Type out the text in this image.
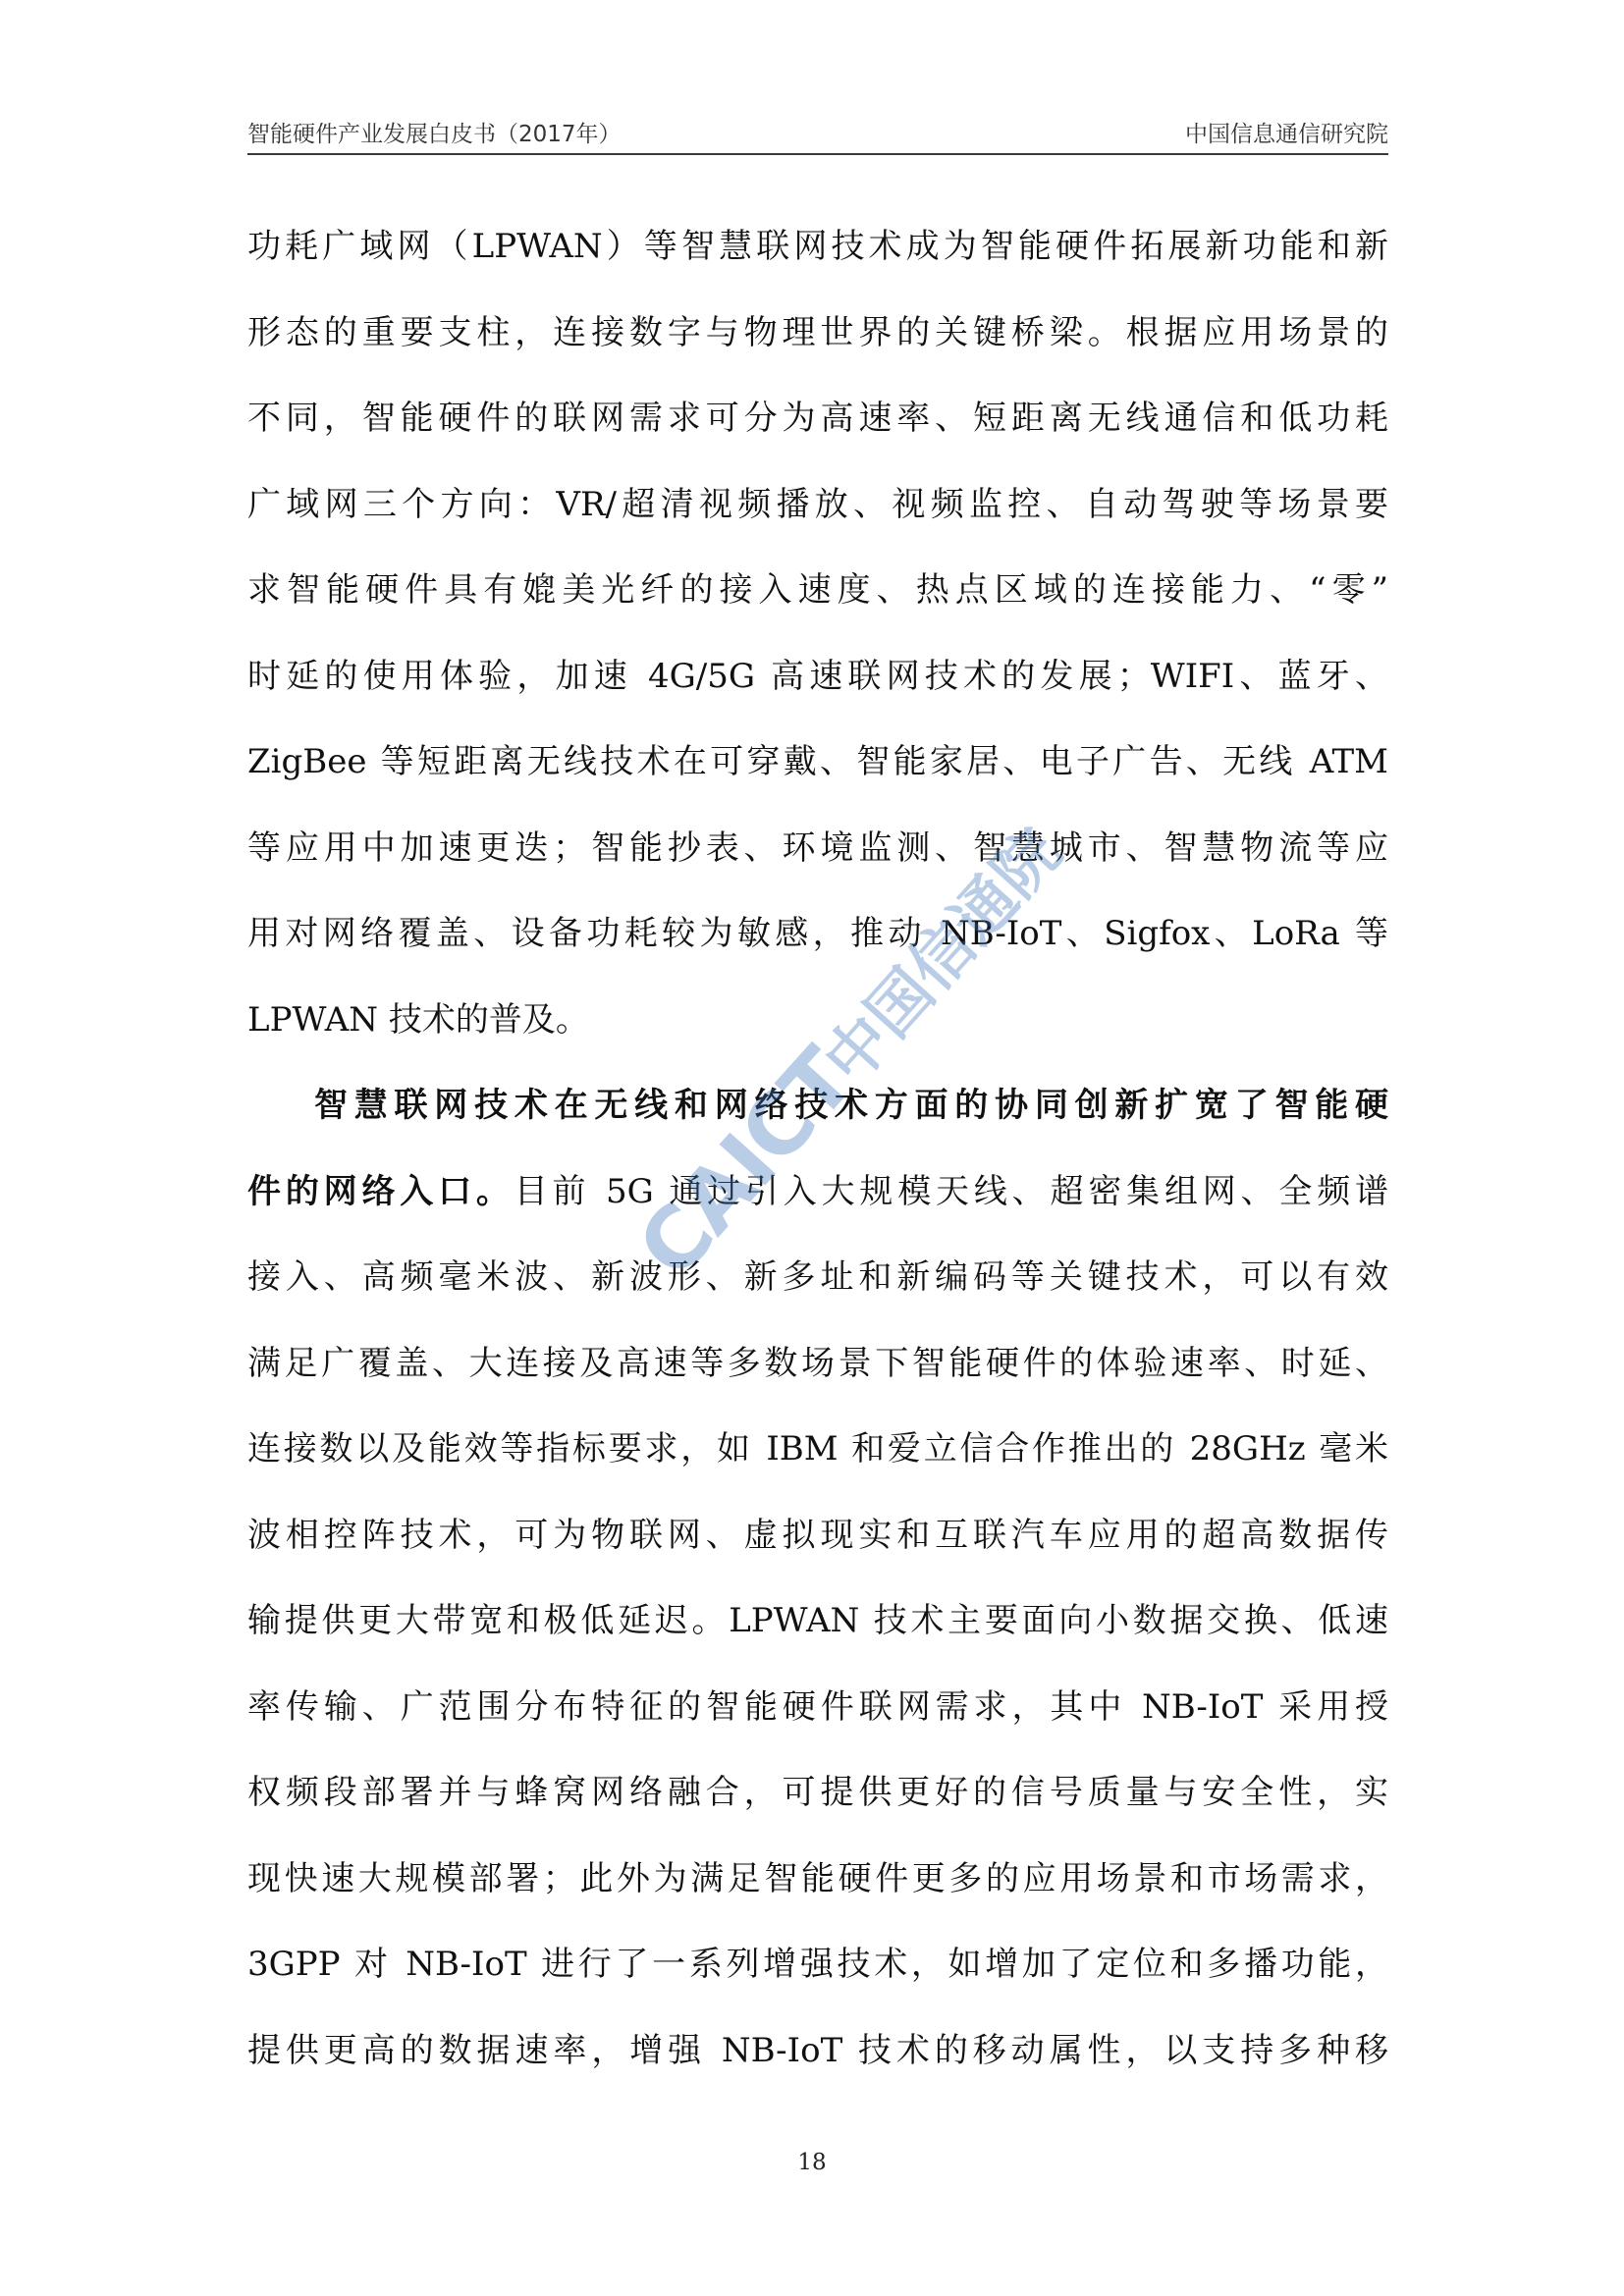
智能硬件产业发展白皮书（2017年）	中国信息通信研究院
功耗广域网（LPWAN）等智慧联网技术成为智能硬件拓展新功能和新
形态的重要支柱，连接数字与物理世界的关键桥梁。根据应用场景的
不同，智能硬件的联网需求可分为高速率、短距离无线通信和低功耗
广域网三个方向：VR/超清视频播放、视频监控、自动驾驶等场景要
求智能硬件具有媲美光纤的接入速度、热点区域的连接能力、“零”
时延的使用体验，加速 4G/5G 高速联网技术的发展；WIFI、蓝牙、
ZigBee 等短距离无线技术在可穿戴、智能家居、电子广告、无线 ATM
等应用中加速更迭；智能抄表、环境监测、智慧城市、智慧物流等应
用对网络覆盖、设备功耗较为敏感，推动 NB-IoT、Sigfox、LoRa 等
LPWAN 技术的普及。
智慧联网技术在无线和网络技术方面的协同创新扩宽了智能硬
件的网络入口。目前 5G 通过引入大规模天线、超密集组网、全频谱
接入、高频毫米波、新波形、新多址和新编码等关键技术，可以有效
满足广覆盖、大连接及高速等多数场景下智能硬件的体验速率、时延、
连接数以及能效等指标要求，如 IBM 和爱立信合作推出的 28GHz 毫米
波相控阵技术，可为物联网、虚拟现实和互联汽车应用的超高数据传
输提供更大带宽和极低延迟。LPWAN 技术主要面向小数据交换、低速
率传输、广范围分布特征的智能硬件联网需求，其中 NB-IoT 采用授
权频段部署并与蜂窝网络融合，可提供更好的信号质量与安全性，实
现快速大规模部署；此外为满足智能硬件更多的应用场景和市场需求，
3GPP 对 NB-IoT 进行了一系列增强技术，如增加了定位和多播功能，
提供更高的数据速率，增强 NB-IoT 技术的移动属性，以支持多种移
CAICT
中国信通院
18
